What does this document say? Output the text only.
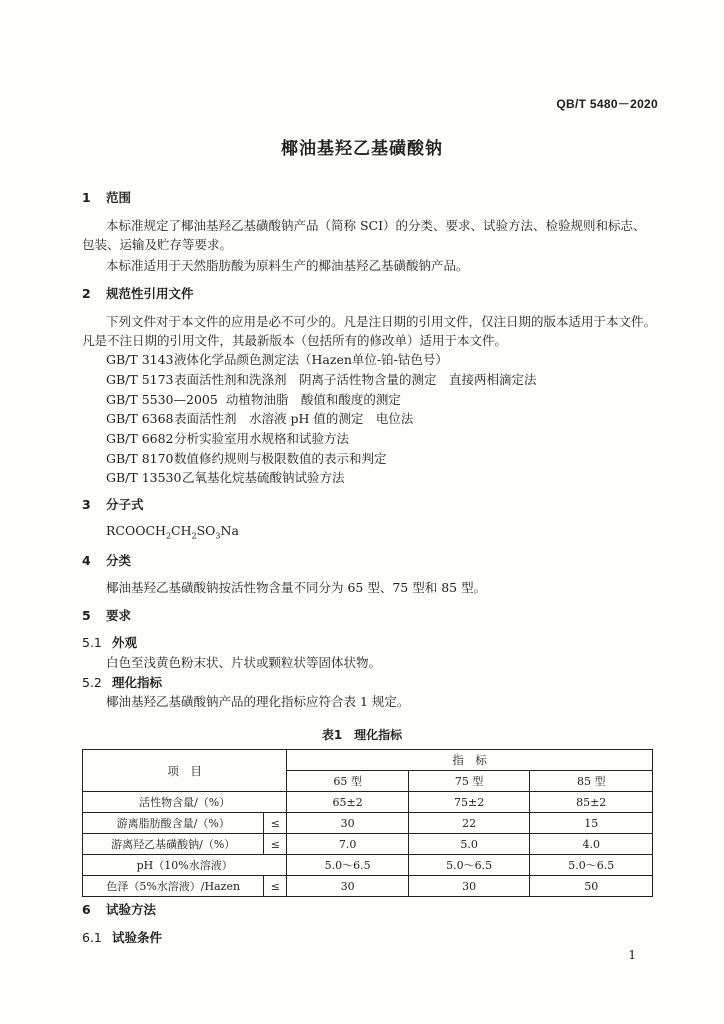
QB/T 5480－2020
椰油基羟乙基磺酸钠
1 范围
本标准规定了椰油基羟乙基磺酸钠产品（简称 SCI）的分类、要求、试验方法、检验规则和标志、
包装、运输及贮存等要求。
本标准适用于天然脂肪酸为原料生产的椰油基羟乙基磺酸钠产品。
2 规范性引用文件
下列文件对于本文件的应用是必不可少的。凡是注日期的引用文件，仅注日期的版本适用于本文件。
凡是不注日期的引用文件，其最新版本（包括所有的修改单）适用于本文件。
GB/T 3143液体化学品颜色测定法（Hazen单位-铂-钴色号）
GB/T 5173表面活性剂和洗涤剂　阴离子活性物含量的测定　直接两相滴定法
GB/T 5530—2005 动植物油脂　酸值和酸度的测定
GB/T 6368表面活性剂　水溶液 pH 值的测定　电位法
GB/T 6682分析实验室用水规格和试验方法
GB/T 8170数值修约规则与极限数值的表示和判定
GB/T 13530乙氧基化烷基硫酸钠试验方法
3 分子式
$RCOOCH_2CH_2SO_3Na$
4 分类
椰油基羟乙基磺酸钠按活性物含量不同分为 65 型、75 型和 85 型。
5 要求
5.1 外观
白色至浅黄色粉末状、片状或颗粒状等固体状物。
5.2 理化指标
椰油基羟乙基磺酸钠产品的理化指标应符合表 1 规定。
表1　理化指标
项　目		指　标		
		65 型	75 型	85 型
活性物含量/（%）		65±2	75±2	85±2
游离脂肪酸含量/（%）	≤	30	22	15
游离羟乙基磺酸钠/（%）	≤	7.0	5.0	4.0
pH（10%水溶液）		5.0～6.5	5.0～6.5	5.0～6.5
色泽（5%水溶液）/Hazen	≤	30	30	50
6 试验方法
6.1 试验条件
1
